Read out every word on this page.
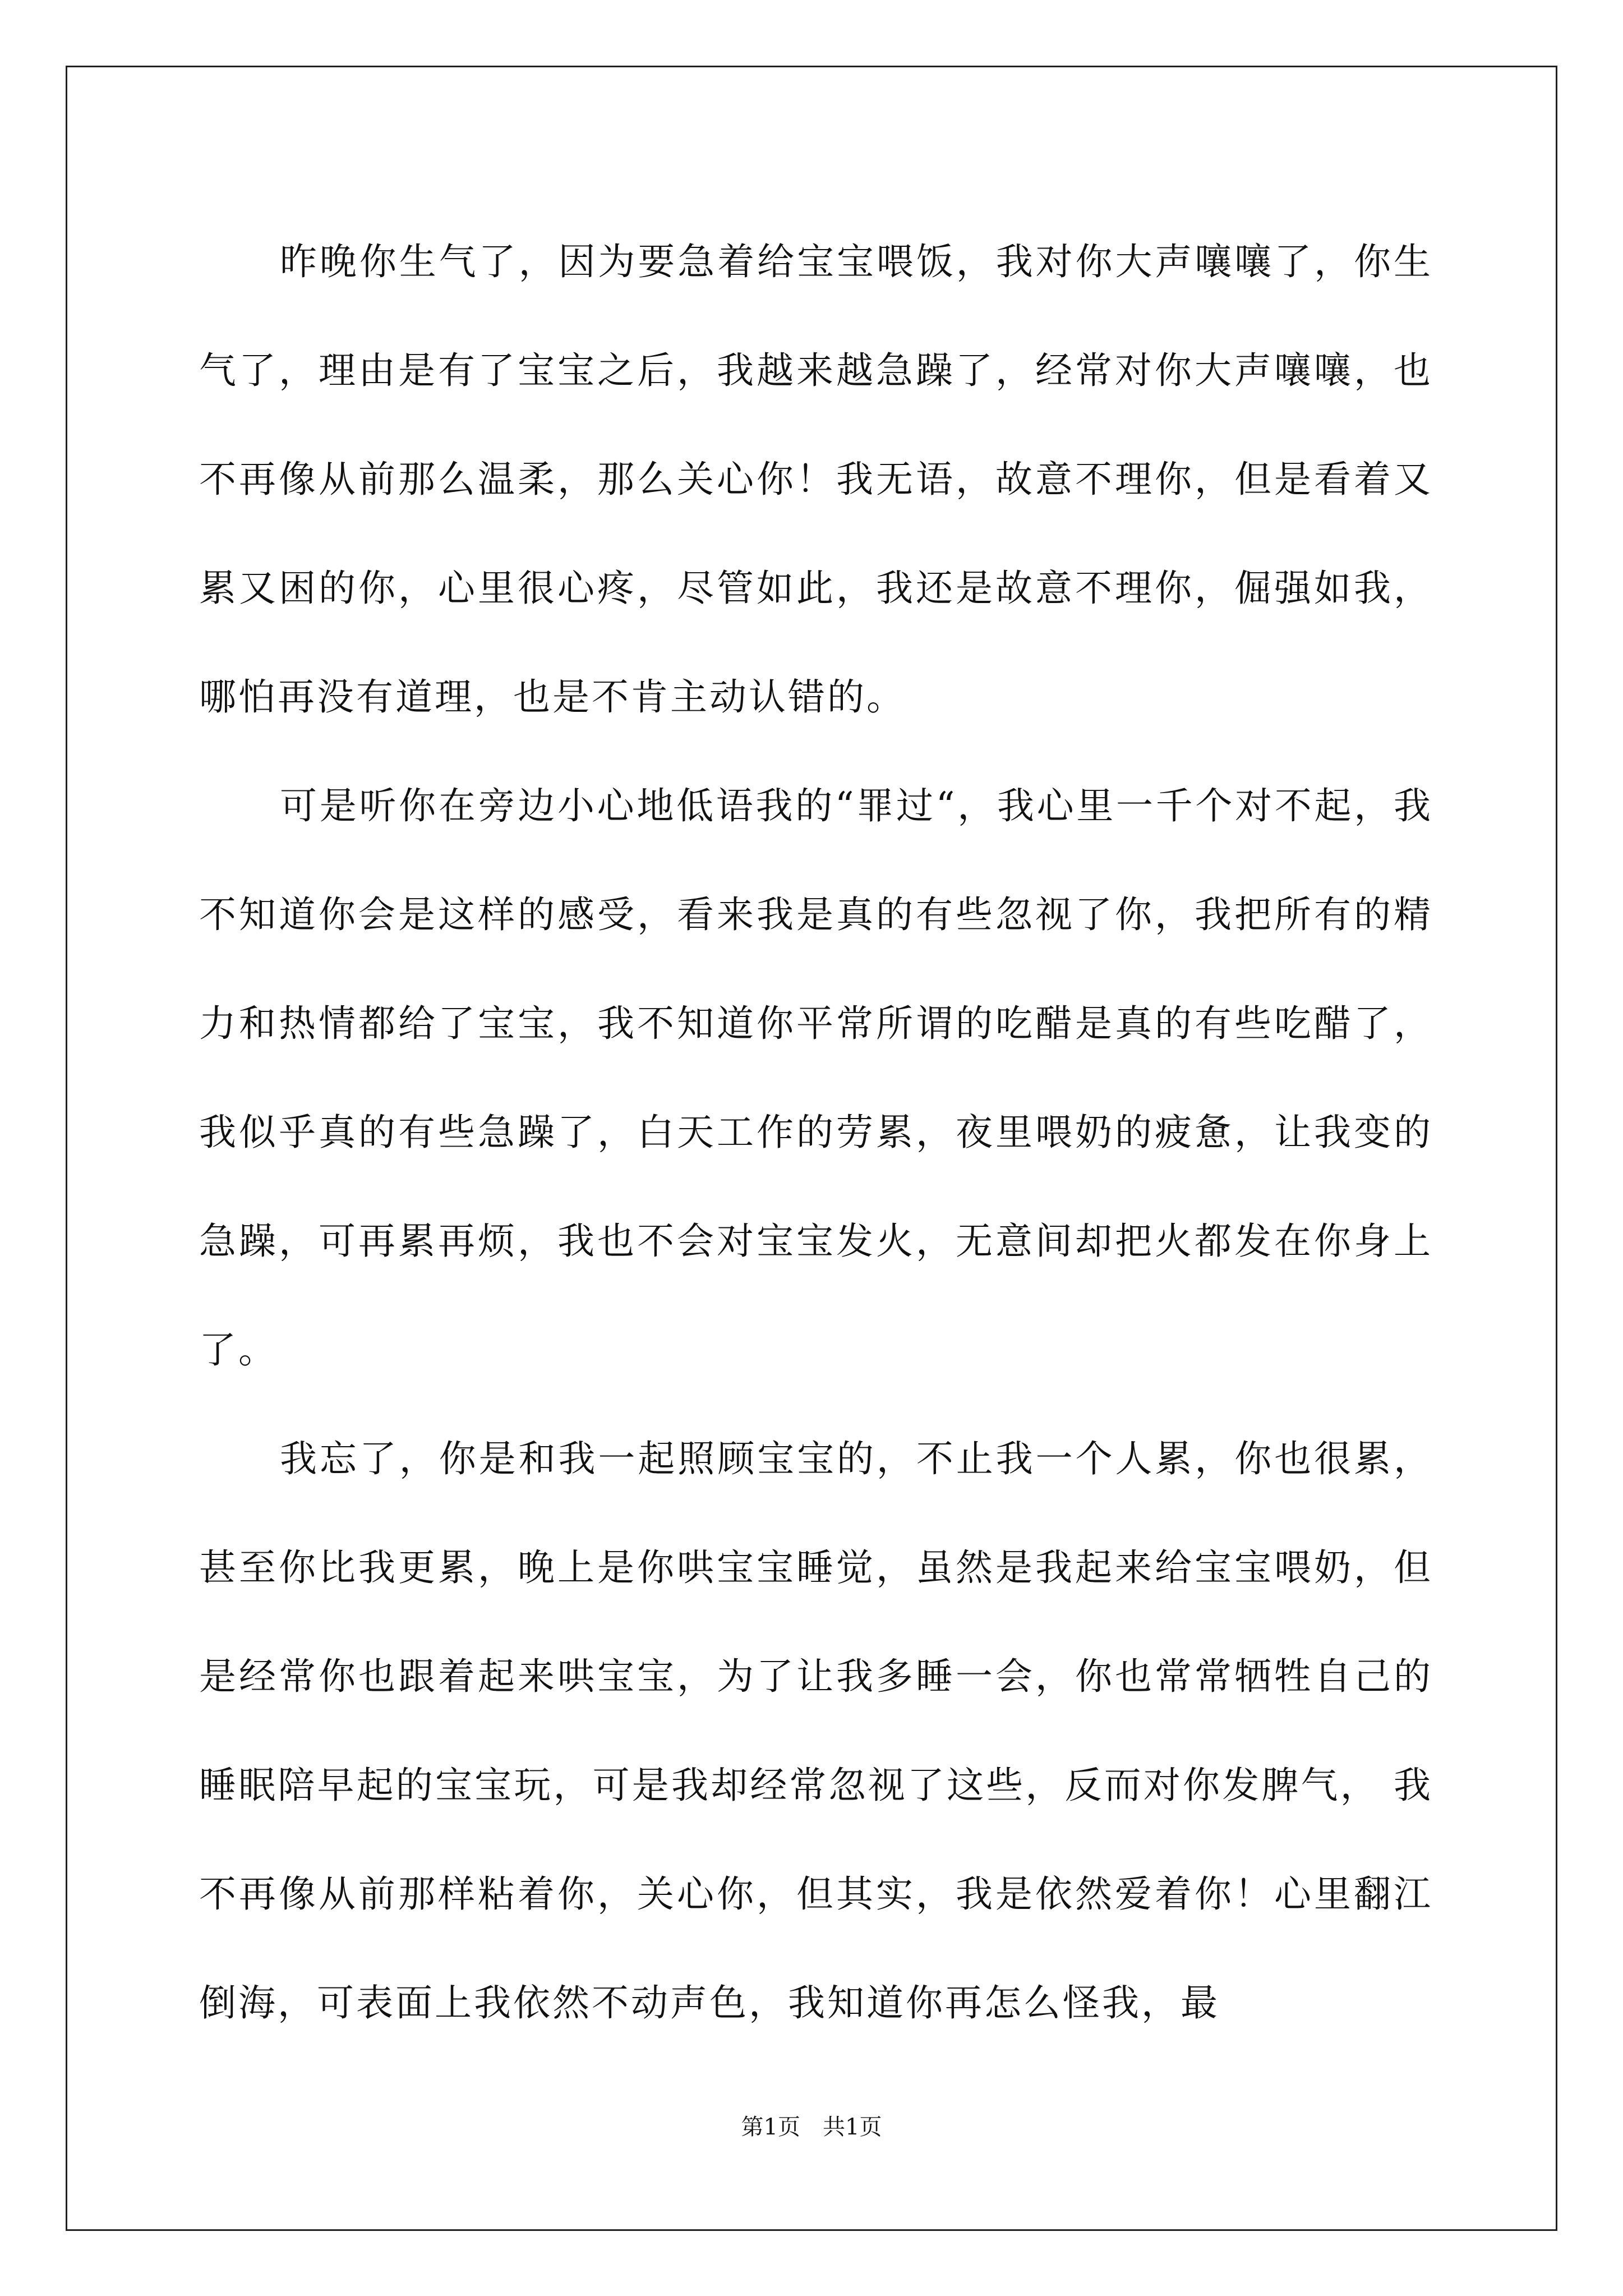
昨晚你生气了，因为要急着给宝宝喂饭，我对你大声嚷嚷了，你生气了，理由是有了宝宝之后，我越来越急躁了，经常对你大声嚷嚷，也不再像从前那么温柔，那么关心你！我无语，故意不理你，但是看着又累又困的你，心里很心疼，尽管如此，我还是故意不理你，倔强如我，哪怕再没有道理，也是不肯主动认错的。

可是听你在旁边小心地低语我的“罪过“，我心里一千个对不起，我不知道你会是这样的感受，看来我是真的有些忽视了你，我把所有的精力和热情都给了宝宝，我不知道你平常所谓的吃醋是真的有些吃醋了，我似乎真的有些急躁了，白天工作的劳累，夜里喂奶的疲惫，让我变的急躁，可再累再烦，我也不会对宝宝发火，无意间却把火都发在你身上了。

我忘了，你是和我一起照顾宝宝的，不止我一个人累，你也很累，甚至你比我更累，晚上是你哄宝宝睡觉，虽然是我起来给宝宝喂奶，但是经常你也跟着起来哄宝宝，为了让我多睡一会，你也常常牺牲自己的睡眠陪早起的宝宝玩，可是我却经常忽视了这些，反而对你发脾气， 我不再像从前那样粘着你，关心你，但其实，我是依然爱着你！心里翻江倒海，可表面上我依然不动声色，我知道你再怎么怪我，最

第1页　共1页
